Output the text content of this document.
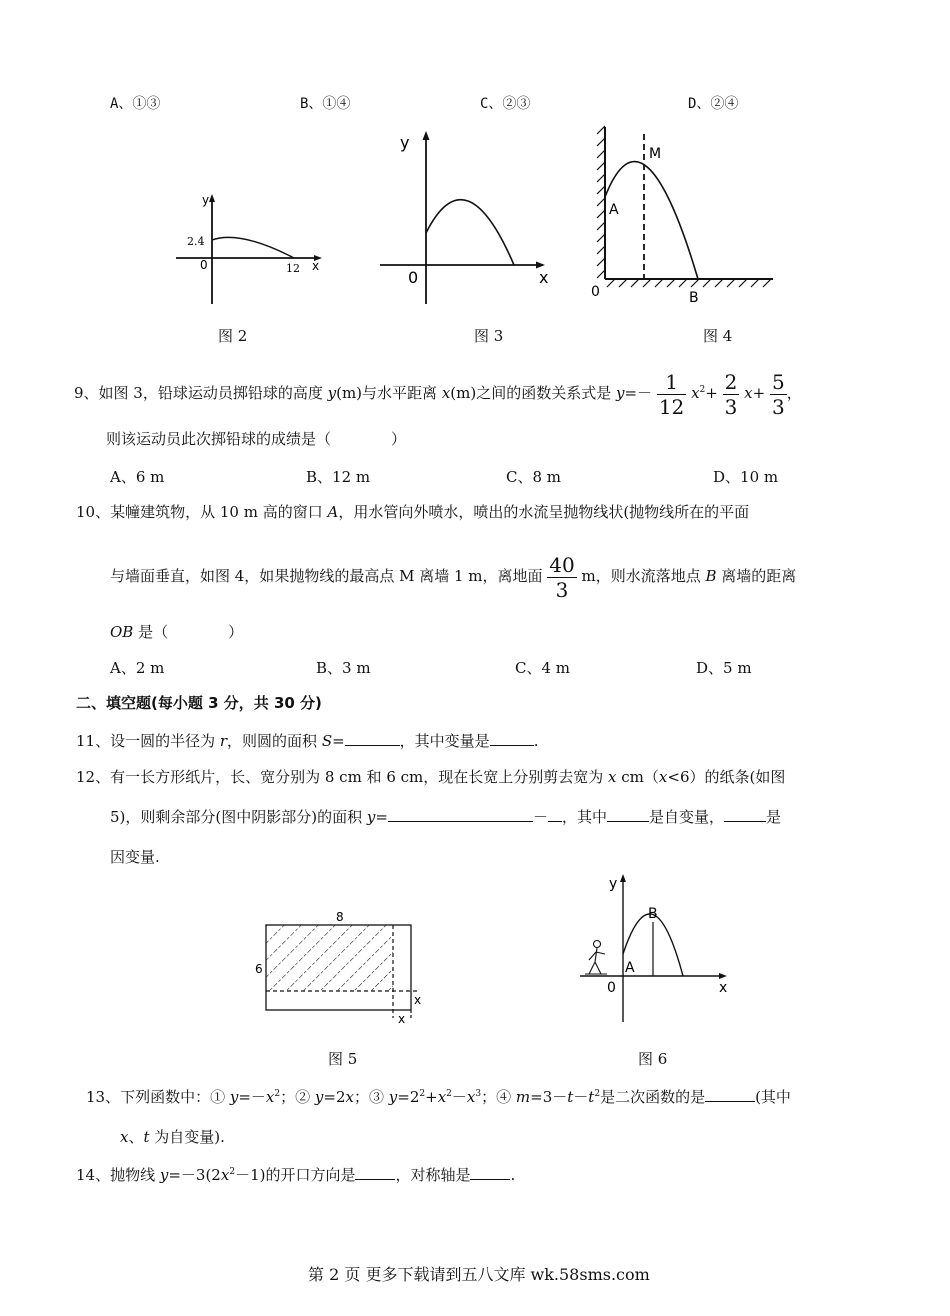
A、①③	B、①④	C、②③	D、②④
y
x
0
2.4
12
图 2
y
x
0
图 3
A
M
0	B
图 4
9、如图 3，铅球运动员掷铅球的高度 y(m)与水平距离 x(m)之间的函数关系式是 $y=- \frac{1}{12} x^2+ \frac{2}{3} x+ \frac{5}{3}$ ，
则该运动员此次掷铅球的成绩是（　　　　）
A、6 m	B、12 m	C、8 m	D、10 m
10、某幢建筑物，从 10 m 高的窗口 A，用水管向外喷水，喷出的水流呈抛物线状(抛物线所在的平面
与墙面垂直，如图 4，如果抛物线的最高点 M 离墙 1 m，离地面 $\frac{40}{3}$ m，则水流落地点 B 离墙的距离
OB 是（　　　　）
A、2 m	B、3 m	C、4 m	D、5 m
二、填空题(每小题 3 分，共 30 分)
11、设一圆的半径为 r，则圆的面积 S=	，其中变量是	.
12、有一长方形纸片，长、宽分别为 8 cm 和 6 cm，现在长宽上分别剪去宽为 x cm（x<6）的纸条(如图
5)，则剩余部分(图中阴影部分)的面积 y=	－ ，其中	是自变量，	是
因变量.
8
6
x
x
图 5
y
x
0
A
B
图 6
13、下列函数中：① $y=-x^2$；② y=2x；③ $y=2^2+x^2-x^3$；④ $m=3-t-t^2$是二次函数的是	(其中
x、t 为自变量).
14、抛物线 $y=-3(2x^2-1)$的开口方向是	，对称轴是	.
第 2 页 更多下载请到五八文库 wk.58sms.com
